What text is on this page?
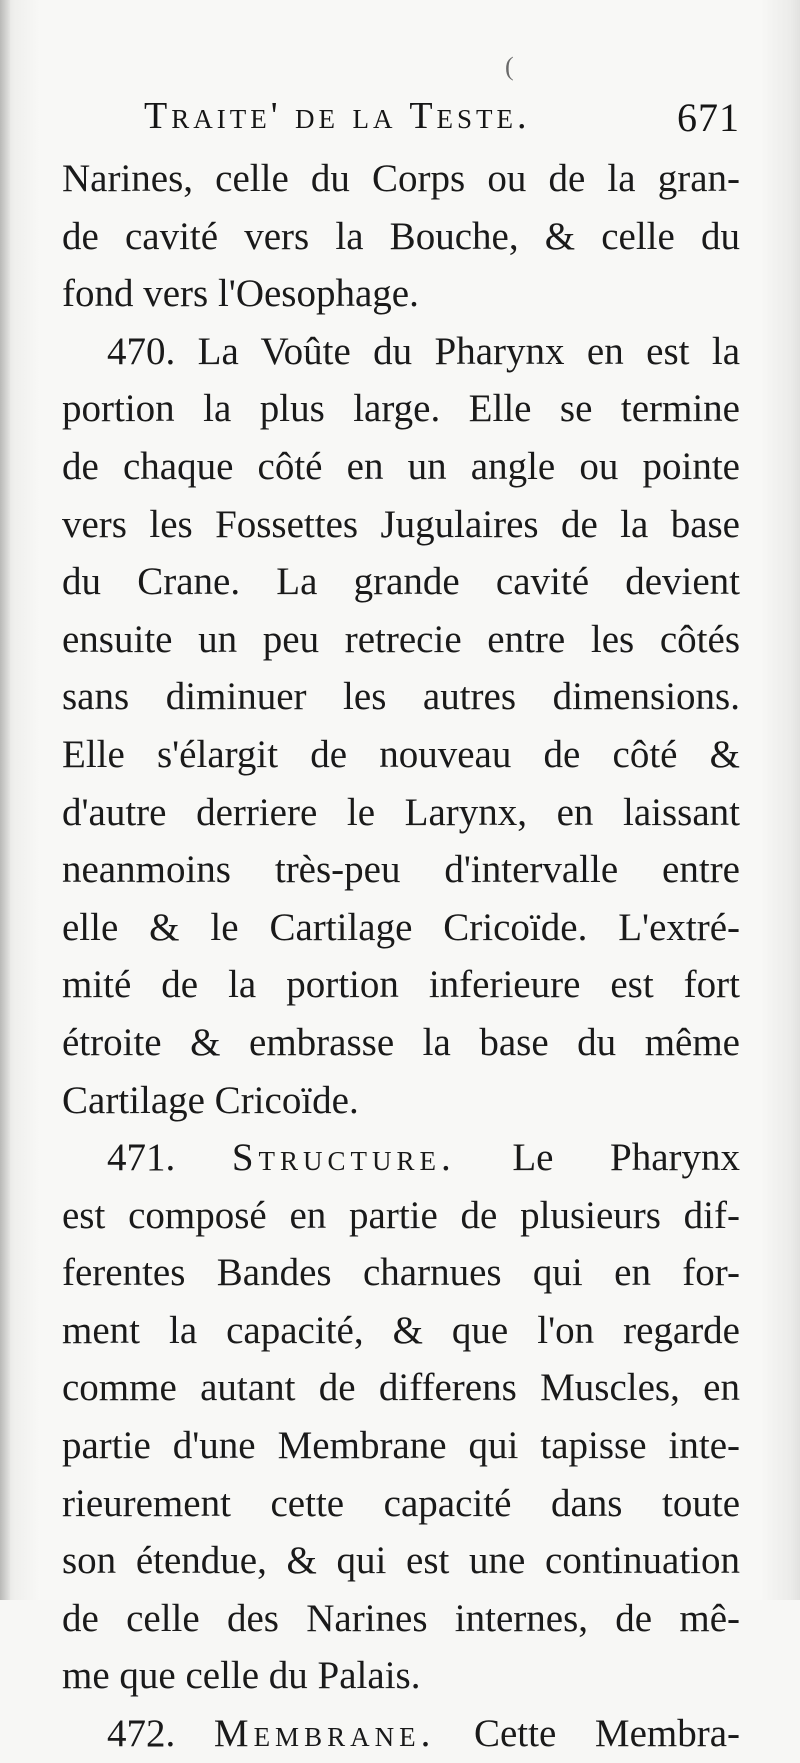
(
Traite' de la Teste.	671
Narines, celle du Corps ou de la gran-
de cavité vers la Bouche, & celle du
fond vers l'Oesophage.
470. La Voûte du Pharynx en est la
portion la plus large. Elle se termine
de chaque côté en un angle ou pointe
vers les Fossettes Jugulaires de la base
du Crane. La grande cavité devient
ensuite un peu retrecie entre les côtés
sans diminuer les autres dimensions.
Elle s'élargit de nouveau de côté &
d'autre derriere le Larynx, en laissant
neanmoins très-peu d'intervalle entre
elle & le Cartilage Cricoïde. L'extré-
mité de la portion inferieure est fort
étroite & embrasse la base du même
Cartilage Cricoïde.
471. Structure. Le Pharynx
est composé en partie de plusieurs dif-
ferentes Bandes charnues qui en for-
ment la capacité, & que l'on regarde
comme autant de differens Muscles, en
partie d'une Membrane qui tapisse inte-
rieurement cette capacité dans toute
son étendue, & qui est une continuation
de celle des Narines internes, de mê-
me que celle du Palais.
472. Membrane. Cette Membra-
